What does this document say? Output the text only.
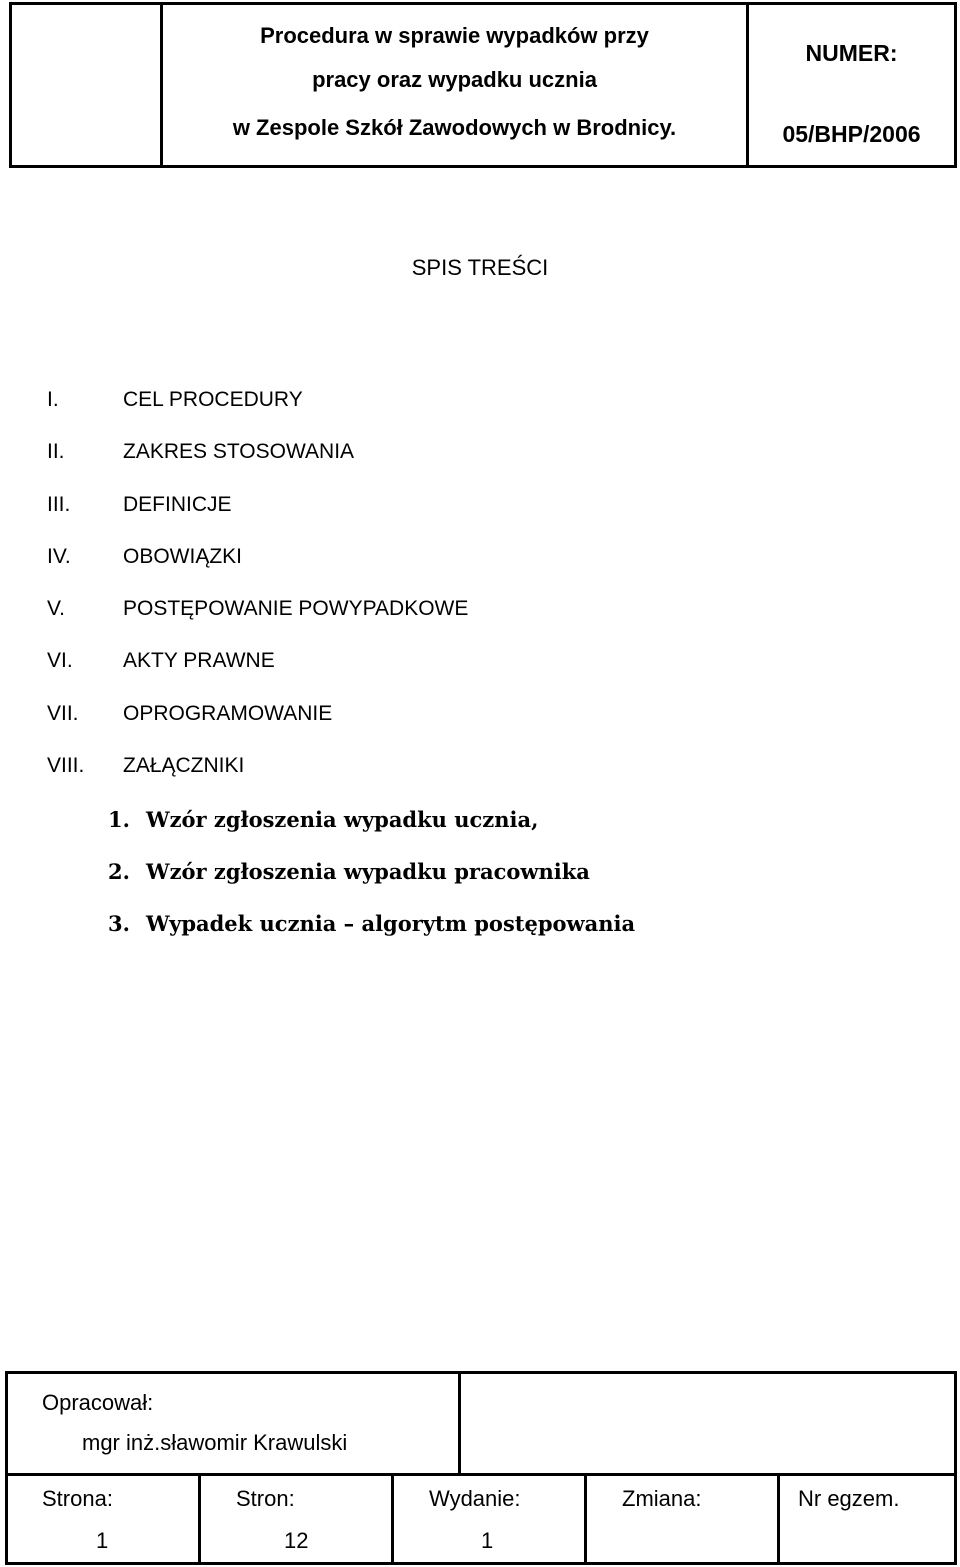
Procedura w sprawie wypadków przy
pracy oraz wypadku ucznia
w Zespole Szkół Zawodowych w Brodnicy.
NUMER:
05/BHP/2006
SPIS TREŚCI
I.	CEL PROCEDURY
II.	ZAKRES STOSOWANIA
III.	DEFINICJE
IV. OBOWIĄZKI
V.	POSTĘPOWANIE POWYPADKOWE
VI. AKTY PRAWNE
VII. OPROGRAMOWANIE
VIII. ZAŁĄCZNIKI
1. Wzór zgłoszenia wypadku ucznia,
2. Wzór zgłoszenia wypadku pracownika
3. Wypadek ucznia – algorytm postępowania
Opracował:
mgr inż.sławomir Krawulski
Strona:
1
Stron:
12
Wydanie:
1
Zmiana:	Nr egzem.
